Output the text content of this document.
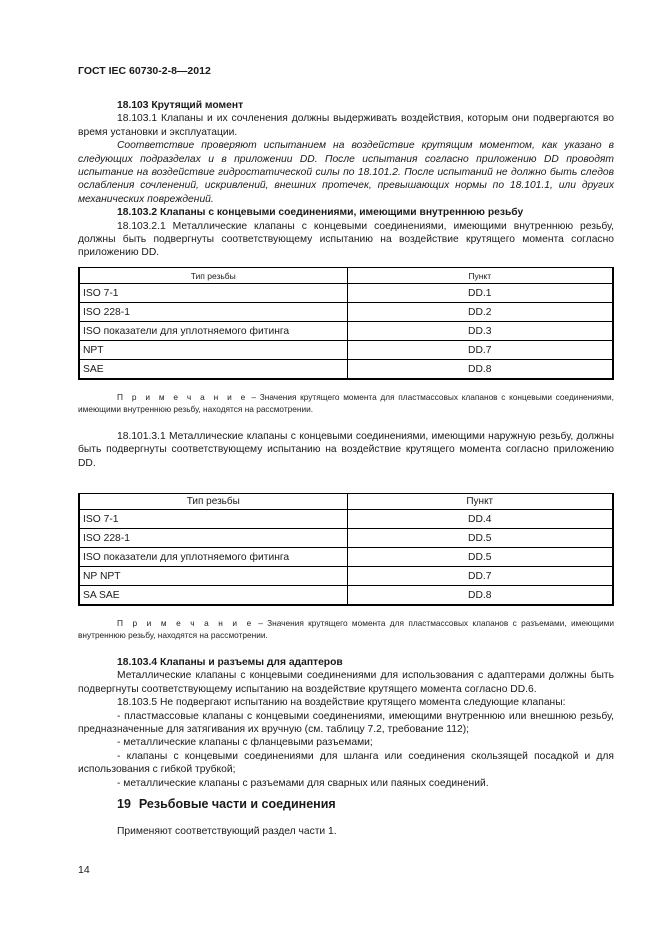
ГОСТ IEC 60730-2-8—2012

18.103 Крутящий момент

18.103.1 Клапаны и их сочленения должны выдерживать воздействия, которым они подвергаются во время установки и эксплуатации.

Соответствие проверяют испытанием на воздействие крутящим моментом, как указано в следующих подразделах и в приложении DD. После испытания согласно приложению DD проводят испытание на воздействие гидростатической силы по 18.101.2. После испытаний не должно быть следов ослабления сочленений, искривлений, внешних протечек, превышающих нормы по 18.101.1, или других механических повреждений.

18.103.2 Клапаны с концевыми соединениями, имеющими внутреннюю резьбу

18.103.2.1 Металлические клапаны с концевыми соединениями, имеющими внутреннюю резьбу, должны быть подвергнуты соответствующему испытанию на воздействие крутящего момента согласно приложению DD.

Тип резьбы	Пункт
ISO 7-1	DD.1
ISO 228-1	DD.2
ISO показатели для уплотняемого фитинга	DD.3
NPT	DD.7
SAE	DD.8

П р и м е ч а н и е – Значения крутящего момента для пластмассовых клапанов с концевыми соединениями, имеющими внутреннюю резьбу, находятся на рассмотрении.

18.101.3.1 Металлические клапаны с концевыми соединениями, имеющими наружную резьбу, должны быть подвергнуты соответствующему испытанию на воздействие крутящего момента согласно приложению DD.

Тип резьбы	Пункт
ISO 7-1	DD.4
ISO 228-1	DD.5
ISO показатели для уплотняемого фитинга	DD.5
NP NPT	DD.7
SA SAE	DD.8

П р и м е ч а н и е – Значения крутящего момента для пластмассовых клапанов с разъемами, имеющими внутреннюю резьбу, находятся на рассмотрении.

18.103.4 Клапаны и разъемы для адаптеров

Металлические клапаны с концевыми соединениями для использования с адаптерами должны быть подвергнуты соответствующему испытанию на воздействие крутящего момента согласно DD.6.

18.103.5 Не подвергают испытанию на воздействие крутящего момента следующие клапаны:

- пластмассовые клапаны с концевыми соединениями, имеющими внутреннюю или внешнюю резьбу, предназначенные для затягивания их вручную (см. таблицу 7.2, требование 112);

- металлические клапаны с фланцевыми разъемами;

- клапаны с концевыми соединениями для шланга или соединения скользящей посадкой и для использования с гибкой трубкой;

- металлические клапаны с разъемами для сварных или паяных соединений.

19 Резьбовые части и соединения
Применяют соответствующий раздел части 1.
14
